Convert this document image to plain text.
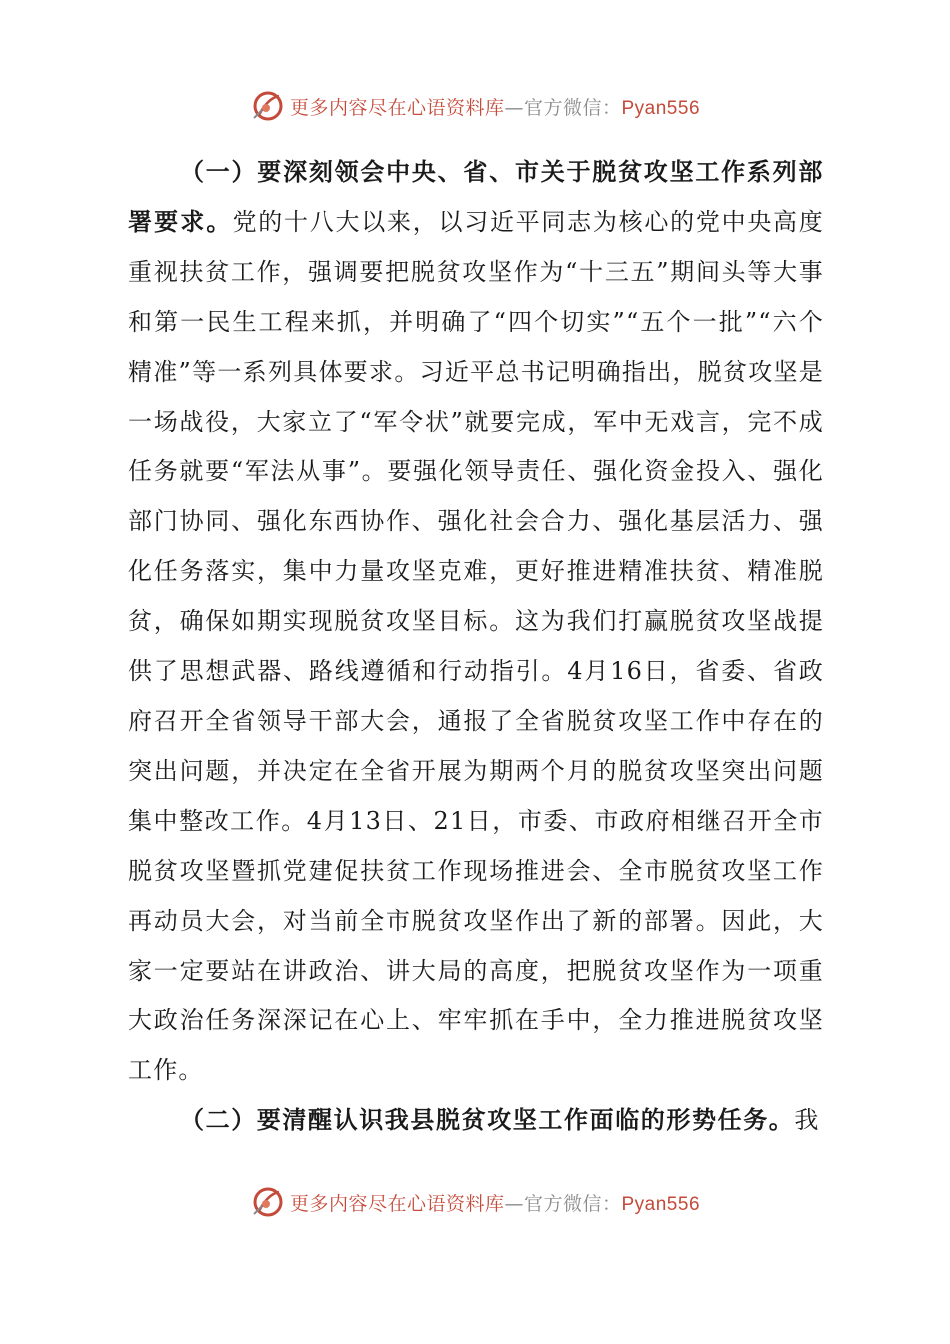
更多内容尽在心语资料库—官方微信：Pyan556

（一）要深刻领会中央、省、市关于脱贫攻坚工作系列部署要求。党的十八大以来，以习近平同志为核心的党中央高度重视扶贫工作，强调要把脱贫攻坚作为“十三五”期间头等大事和第一民生工程来抓，并明确了“四个切实”“五个一批”“六个精准”等一系列具体要求。习近平总书记明确指出，脱贫攻坚是一场战役，大家立了“军令状”就要完成，军中无戏言，完不成任务就要“军法从事”。要强化领导责任、强化资金投入、强化部门协同、强化东西协作、强化社会合力、强化基层活力、强化任务落实，集中力量攻坚克难，更好推进精准扶贫、精准脱贫，确保如期实现脱贫攻坚目标。这为我们打赢脱贫攻坚战提供了思想武器、路线遵循和行动指引。4月16日，省委、省政府召开全省领导干部大会，通报了全省脱贫攻坚工作中存在的突出问题，并决定在全省开展为期两个月的脱贫攻坚突出问题集中整改工作。4月13日、21日，市委、市政府相继召开全市脱贫攻坚暨抓党建促扶贫工作现场推进会、全市脱贫攻坚工作再动员大会，对当前全市脱贫攻坚作出了新的部署。因此，大家一定要站在讲政治、讲大局的高度，把脱贫攻坚作为一项重大政治任务深深记在心上、牢牢抓在手中，全力推进脱贫攻坚工作。

（二）要清醒认识我县脱贫攻坚工作面临的形势任务。我

更多内容尽在心语资料库—官方微信：Pyan556
